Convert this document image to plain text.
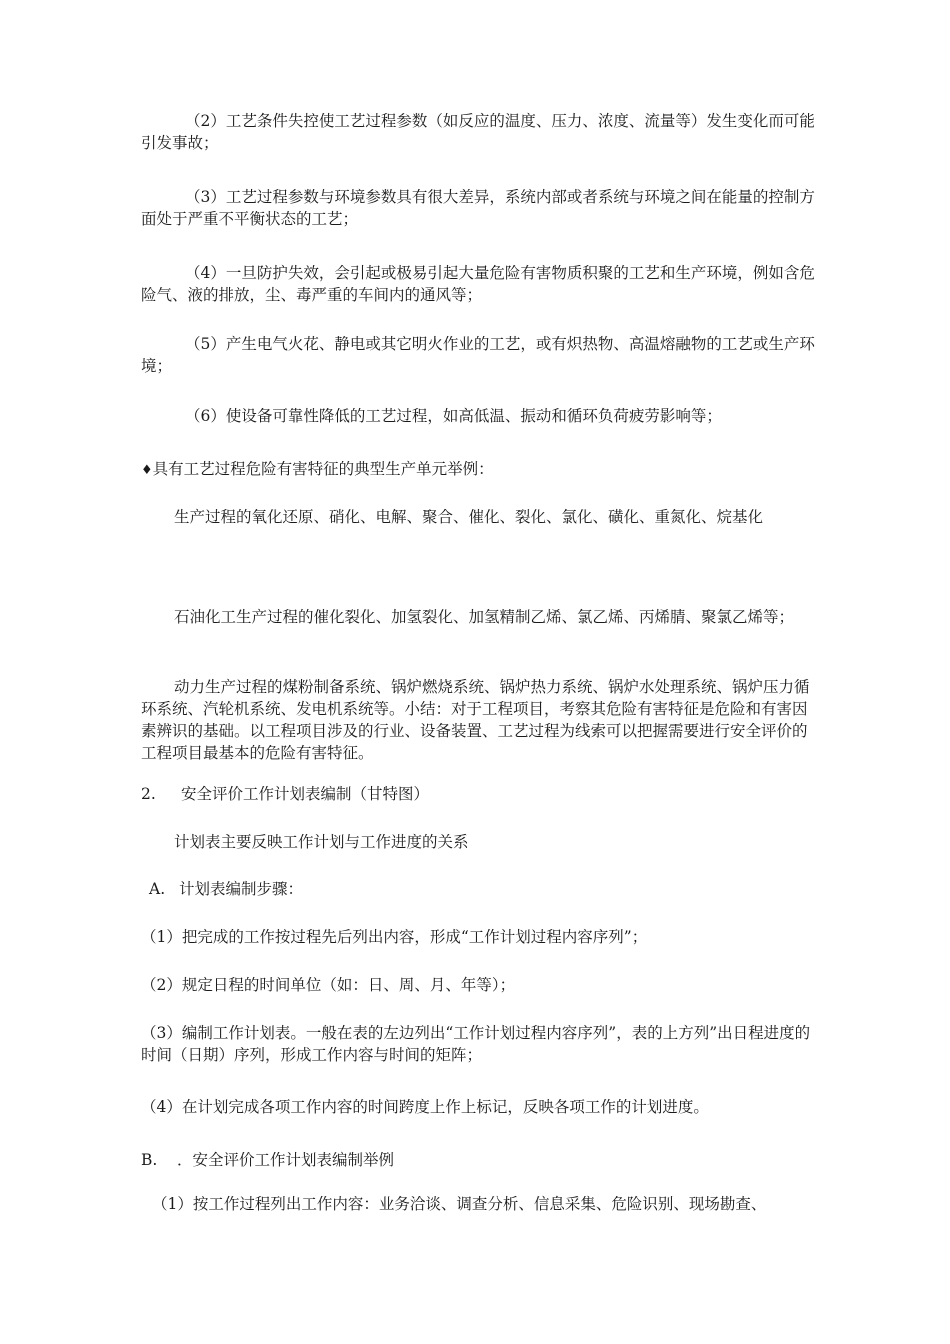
（2）工艺条件失控使工艺过程参数（如反应的温度、压力、浓度、流量等）发生变化而可能引发事故；

（3）工艺过程参数与环境参数具有很大差异，系统内部或者系统与环境之间在能量的控制方面处于严重不平衡状态的工艺；

（4）一旦防护失效，会引起或极易引起大量危险有害物质积聚的工艺和生产环境，例如含危险气、液的排放，尘、毒严重的车间内的通风等；

（5）产生电气火花、静电或其它明火作业的工艺，或有炽热物、高温熔融物的工艺或生产环境；

（6）使设备可靠性降低的工艺过程，如高低温、振动和循环负荷疲劳影响等；

♦具有工艺过程危险有害特征的典型生产单元举例：

生产过程的氧化还原、硝化、电解、聚合、催化、裂化、氯化、磺化、重氮化、烷基化

石油化工生产过程的催化裂化、加氢裂化、加氢精制乙烯、氯乙烯、丙烯腈、聚氯乙烯等；

动力生产过程的煤粉制备系统、锅炉燃烧系统、锅炉热力系统、锅炉水处理系统、锅炉压力循环系统、汽轮机系统、发电机系统等。小结：对于工程项目，考察其危险有害特征是危险和有害因素辨识的基础。以工程项目涉及的行业、设备装置、工艺过程为线索可以把握需要进行安全评价的工程项目最基本的危险有害特征。

2. 安全评价工作计划表编制（甘特图）

计划表主要反映工作计划与工作进度的关系

A. 计划表编制步骤：

（1）把完成的工作按过程先后列出内容，形成“工作计划过程内容序列”；

（2）规定日程的时间单位（如：日、周、月、年等）；

（3）编制工作计划表。一般在表的左边列出“工作计划过程内容序列”，表的上方列”出日程进度的时间（日期）序列，形成工作内容与时间的矩阵；

（4）在计划完成各项工作内容的时间跨度上作上标记，反映各项工作的计划进度。

B. ．安全评价工作计划表编制举例

（1）按工作过程列出工作内容：业务洽谈、调查分析、信息采集、危险识别、现场勘查、
